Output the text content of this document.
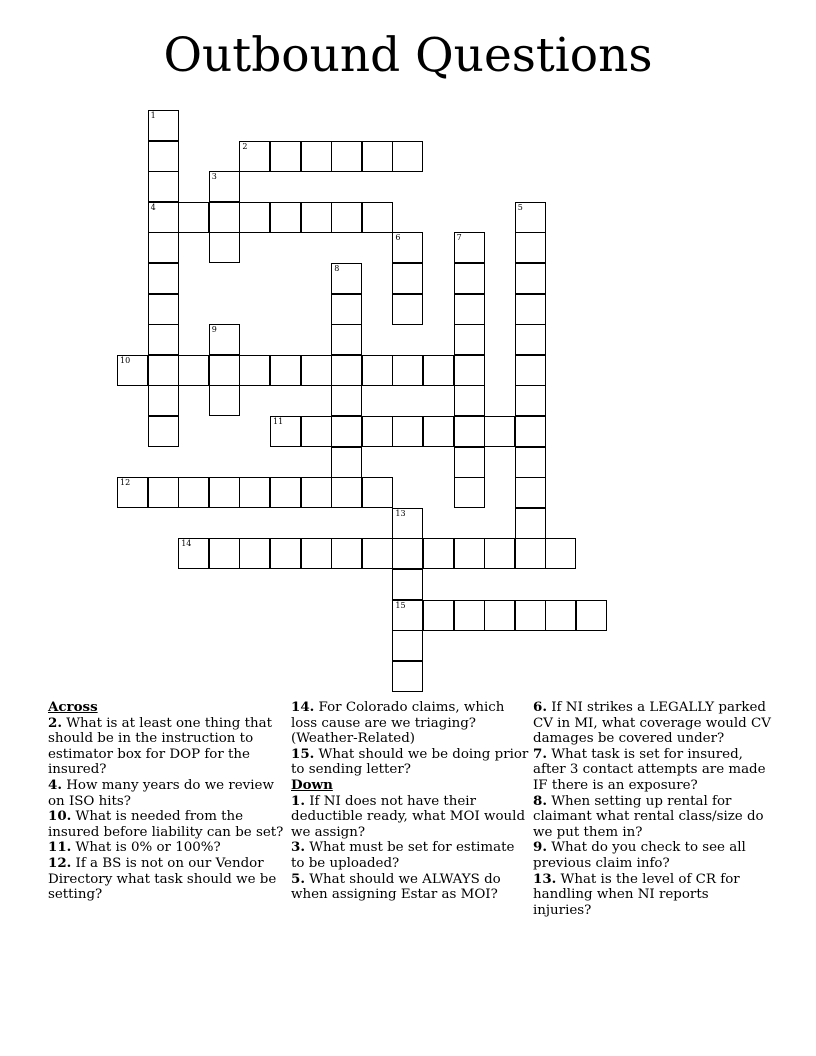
Outbound Questions
1
2
3
4	5
6	7
8
9
10
11
12
13
14
15
Across
2. What is at least one thing that should be in the instruction to estimator box for DOP for the insured?
4. How many years do we review on ISO hits?
10. What is needed from the insured before liability can be set?
11. What is 0% or 100%?
12. If a BS is not on our Vendor Directory what task should we be setting?
14. For Colorado claims, which loss cause are we triaging? (Weather-Related)
15. What should we be doing prior to sending letter?
Down
1. If NI does not have their deductible ready, what MOI would we assign?
3. What must be set for estimate to be uploaded?
5. What should we ALWAYS do when assigning Estar as MOI?
6. If NI strikes a LEGALLY parked CV in MI, what coverage would CV damages be covered under?
7. What task is set for insured, after 3 contact attempts are made IF there is an exposure?
8. When setting up rental for claimant what rental class/size do we put them in?
9. What do you check to see all previous claim info?
13. What is the level of CR for handling when NI reports injuries?
